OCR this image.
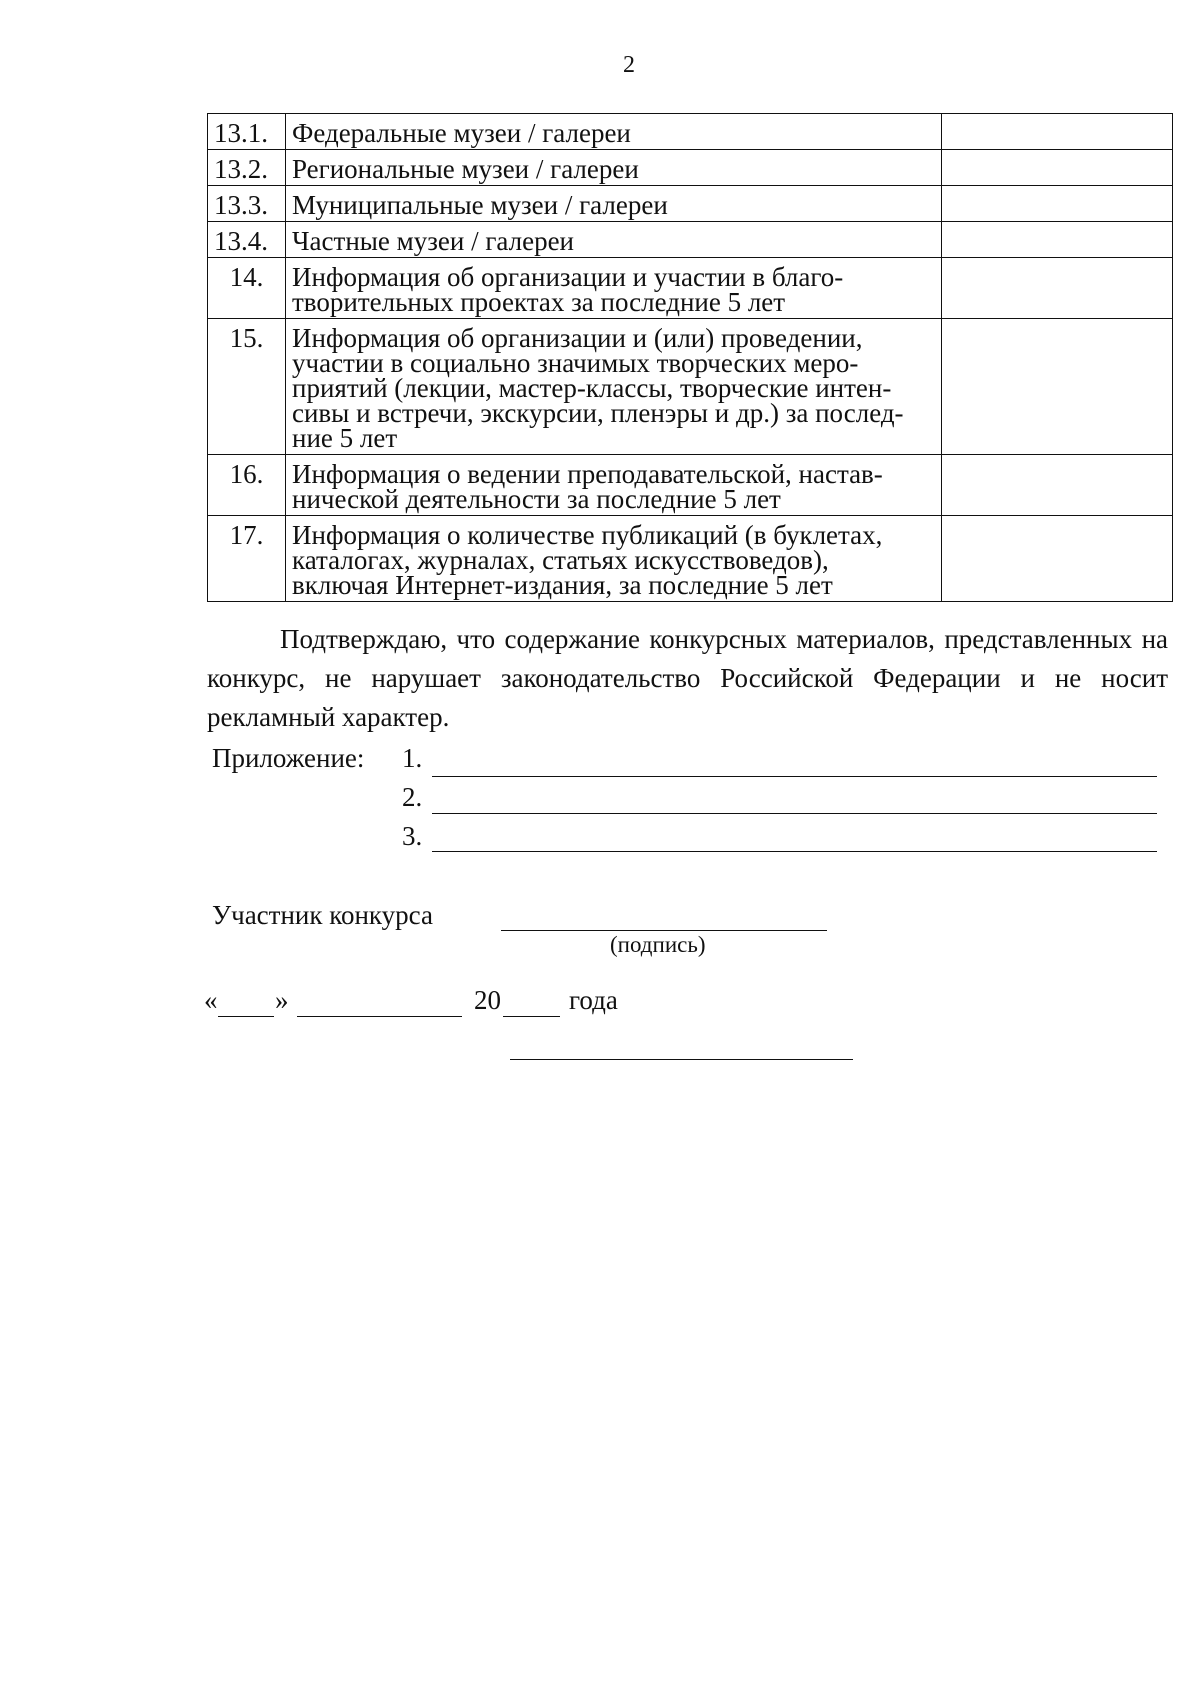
2
13.1.	Федеральные музеи / галереи	
13.2.	Региональные музеи / галереи	
13.3.	Муниципальные музеи / галереи	
13.4.	Частные музеи / галереи	
14.	Информация об организации и участии в благо-
творительных проектах за последние 5 лет	
15.	Информация об организации и (или) проведении,
участии в социально значимых творческих меро-
приятий (лекции, мастер-классы, творческие интен-
сивы и встречи, экскурсии, пленэры и др.) за послед-
ние 5 лет	
16.	Информация о ведении преподавательской, настав-
нической деятельности за последние 5 лет	
17.	Информация о количестве публикаций (в буклетах,
каталогах, журналах, статьях искусствоведов),
включая Интернет-издания, за последние 5 лет	
Подтверждаю, что содержание конкурсных материалов, представленных на конкурс, не нарушает законодательство Российской Федерации и не носит рекламный характер.
Приложение: 1.
2.
3.
Участник конкурса
(подпись)
« »	20	года
